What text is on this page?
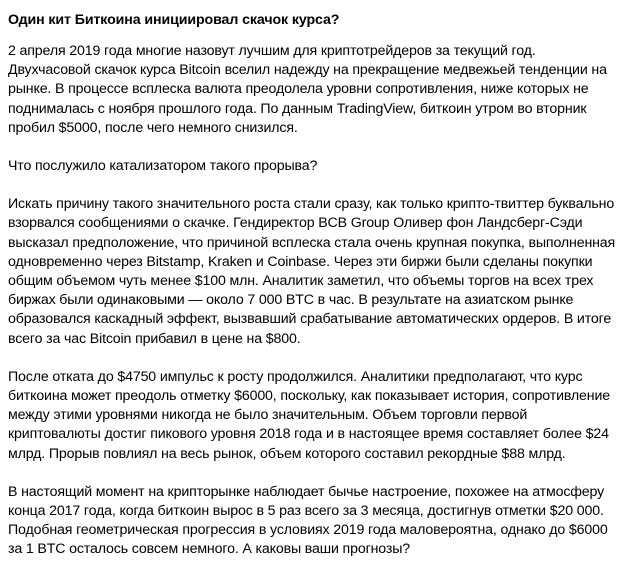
Один кит Биткоина инициировал скачок курса?

2 апреля 2019 года многие назовут лучшим для криптотрейдеров за текущий год. Двухчасовой скачок курса Bitcoin вселил надежду на прекращение медвежьей тенденции на рынке. В процессе всплеска валюта преодолела уровни сопротивления, ниже которых не поднималась с ноября прошлого года. По данным TradingView, биткоин утром во вторник пробил $5000, после чего немного снизился.

Что послужило катализатором такого прорыва?

Искать причину такого значительного роста стали сразу, как только крипто-твиттер буквально взорвался сообщениями о скачке. Гендиректор BCB Group Оливер фон Ландсберг-Сэди высказал предположение, что причиной всплеска стала очень крупная покупка, выполненная одновременно через Bitstamp, Kraken и Coinbase. Через эти биржи были сделаны покупки общим объемом чуть менее $100 млн. Аналитик заметил, что объемы торгов на всех трех биржах были одинаковыми — около 7 000 BTC в час. В результате на азиатском рынке образовался каскадный эффект, вызвавший срабатывание автоматических ордеров. В итоге всего за час Bitcoin прибавил в цене на $800.

После отката до $4750 импульс к росту продолжился. Аналитики предполагают, что курс биткоина может преодоль отметку $6000, поскольку, как показывает история, сопротивление между этими уровнями никогда не было значительным. Объем торговли первой криптовалюты достиг пикового уровня 2018 года и в настоящее время составляет более $24 млрд. Прорыв повлиял на весь рынок, объем которого составил рекордные $88 млрд.

В настоящий момент на крипторынке наблюдает бычье настроение, похожее на атмосферу конца 2017 года, когда биткоин вырос в 5 раз всего за 3 месяца, достигнув отметки $20 000. Подобная геометрическая прогрессия в условиях 2019 года маловероятна, однако до $6000 за 1 BTC осталось совсем немного. А каковы ваши прогнозы?
